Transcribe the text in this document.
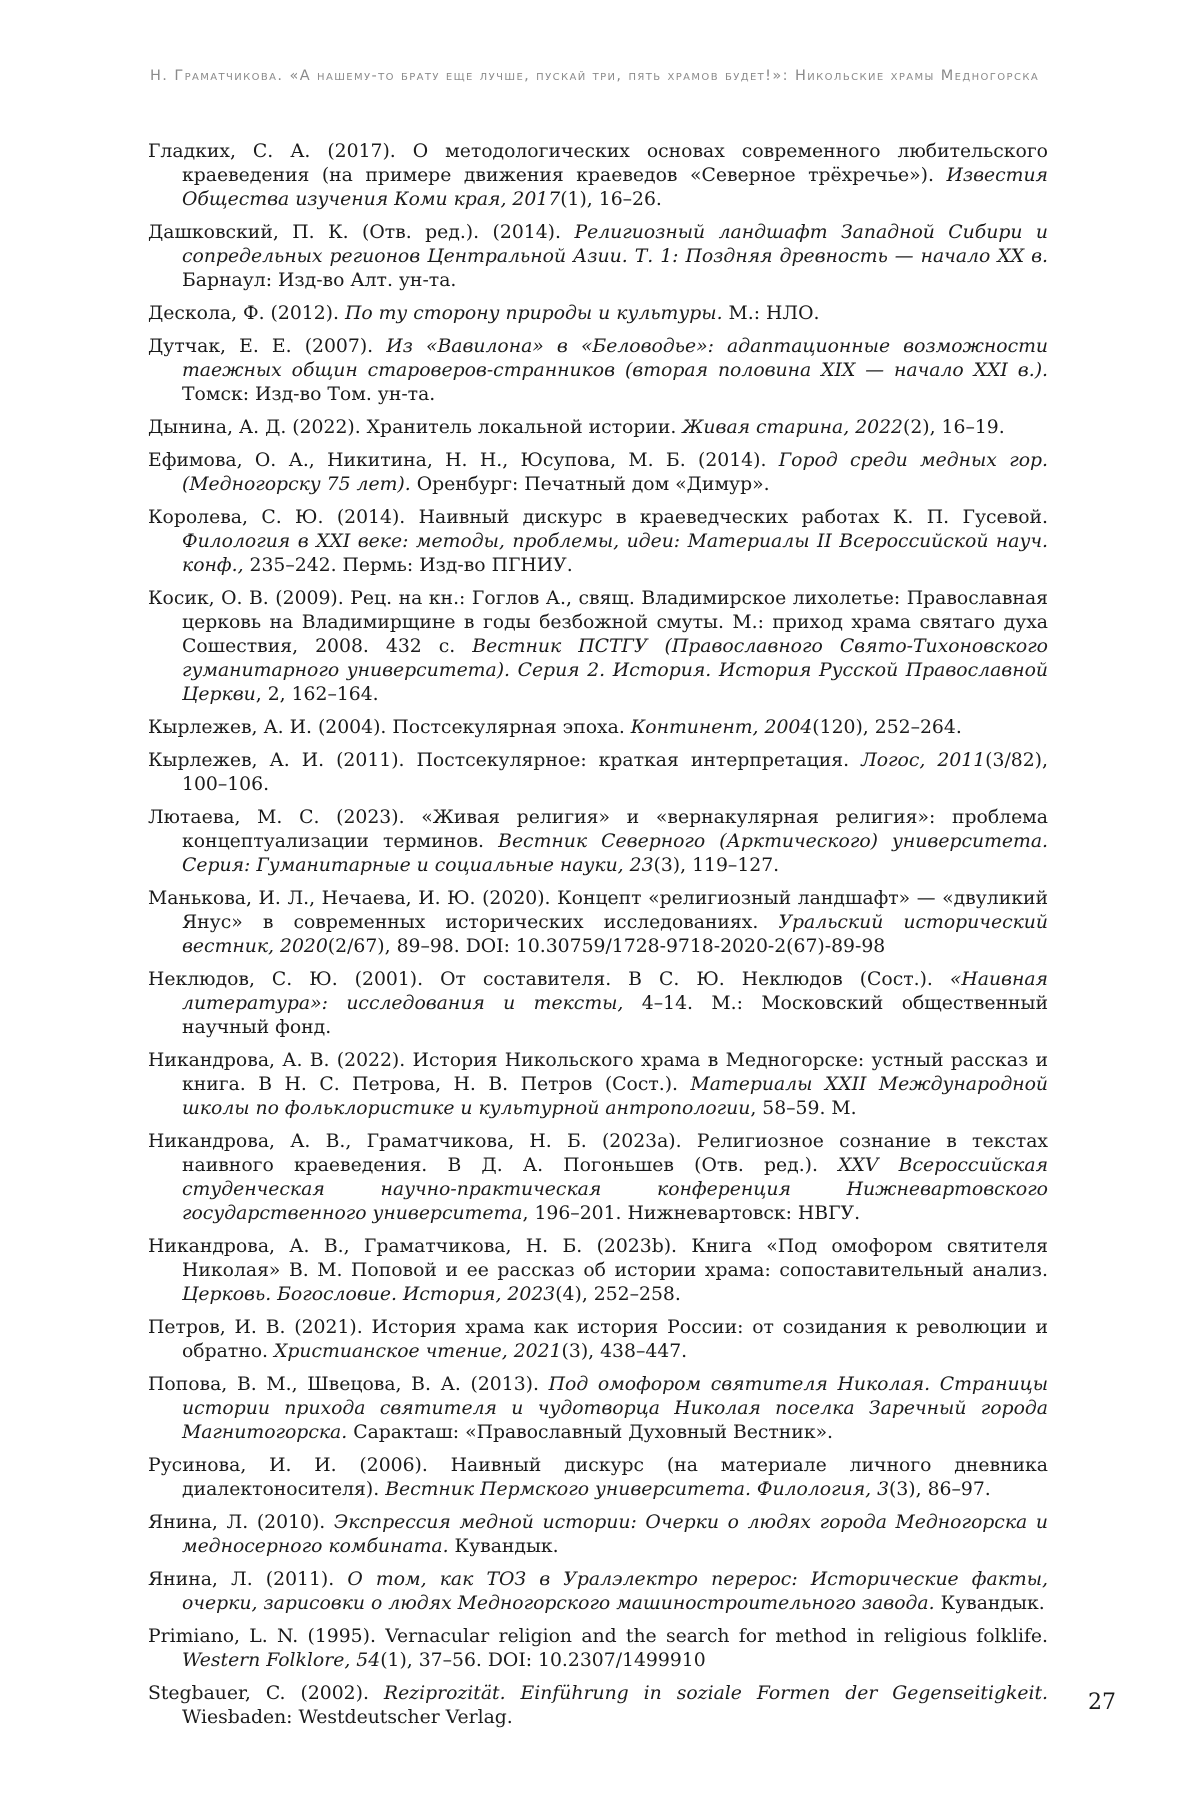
Н. Граматчикова. «А нашему-то брату еще лучше, пускай три, пять храмов будет!»: Никольские храмы Медногорска

Гладких, С. А. (2017). О методологических основах современного любительского краеведения (на примере движения краеведов «Северное трёхречье»). Известия Общества изучения Коми края, 2017(1), 16–26.

Дашковский, П. К. (Отв. ред.). (2014). Религиозный ландшафт Западной Сибири и сопредельных регионов Центральной Азии. Т. 1: Поздняя древность — начало XX в. Барнаул: Изд-во Алт. ун-та.

Дескола, Ф. (2012). По ту сторону природы и культуры. М.: НЛО.

Дутчак, Е. Е. (2007). Из «Вавилона» в «Беловодье»: адаптационные возможности таежных общин староверов-странников (вторая половина XIX — начало XXI в.). Томск: Изд-во Том. ун-та.

Дынина, А. Д. (2022). Хранитель локальной истории. Живая старина, 2022(2), 16–19.

Ефимова, О. А., Никитина, Н. Н., Юсупова, М. Б. (2014). Город среди медных гор. (Медногорску 75 лет). Оренбург: Печатный дом «Димур».

Королева, С. Ю. (2014). Наивный дискурс в краеведческих работах К. П. Гусевой. Филология в XXI веке: методы, проблемы, идеи: Материалы II Всероссийской науч. конф., 235–242. Пермь: Изд-во ПГНИУ.

Косик, О. В. (2009). Рец. на кн.: Гоглов А., свящ. Владимирское лихолетье: Православная церковь на Владимирщине в годы безбожной смуты. М.: приход храма святаго духа Сошествия, 2008. 432 с. Вестник ПСТГУ (Православного Свято-Тихоновского гуманитарного университета). Серия 2. История. История Русской Православной Церкви, 2, 162–164.

Кырлежев, А. И. (2004). Постсекулярная эпоха. Континент, 2004(120), 252–264.

Кырлежев, А. И. (2011). Постсекулярное: краткая интерпретация. Логос, 2011(3/82), 100–106.

Лютаева, М. С. (2023). «Живая религия» и «вернакулярная религия»: проблема концептуализации терминов. Вестник Северного (Арктического) университета. Серия: Гуманитарные и социальные науки, 23(3), 119–127.

Манькова, И. Л., Нечаева, И. Ю. (2020). Концепт «религиозный ландшафт» — «двуликий Янус» в современных исторических исследованиях. Уральский исторический вестник, 2020(2/67), 89–98. DOI: 10.30759/1728-9718-2020-2(67)-89-98

Неклюдов, С. Ю. (2001). От составителя. В С. Ю. Неклюдов (Сост.). «Наивная литература»: исследования и тексты, 4–14. М.: Московский общественный научный фонд.

Никандрова, А. В. (2022). История Никольского храма в Медногорске: устный рассказ и книга. В Н. С. Петрова, Н. В. Петров (Сост.). Материалы XXII Международной школы по фольклористике и культурной антропологии, 58–59. М.

Никандрова, А. В., Граматчикова, Н. Б. (2023a). Религиозное сознание в текстах наивного краеведения. В Д. А. Погоньшев (Отв. ред.). XXV Всероссийская студенческая научно-практическая конференция Нижневартовского государственного университета, 196–201. Нижневартовск: НВГУ.

Никандрова, А. В., Граматчикова, Н. Б. (2023b). Книга «Под омофором святителя Николая» В. М. Поповой и ее рассказ об истории храма: сопоставительный анализ. Церковь. Богословие. История, 2023(4), 252–258.

Петров, И. В. (2021). История храма как история России: от созидания к революции и обратно. Христианское чтение, 2021(3), 438–447.

Попова, В. М., Швецова, В. А. (2013). Под омофором святителя Николая. Страницы истории прихода святителя и чудотворца Николая поселка Заречный города Магнитогорска. Саракташ: «Православный Духовный Вестник».

Русинова, И. И. (2006). Наивный дискурс (на материале личного дневника диалектоносителя). Вестник Пермского университета. Филология, 3(3), 86–97.

Янина, Л. (2010). Экспрессия медной истории: Очерки о людях города Медногорска и медносерного комбината. Кувандык.

Янина, Л. (2011). О том, как ТОЗ в Уралэлектро перерос: Исторические факты, очерки, зарисовки о людях Медногорского машиностроительного завода. Кувандык.

Primiano, L. N. (1995). Vernacular religion and the search for method in religious folklife. Western Folklore, 54(1), 37–56. DOI: 10.2307/1499910

Stegbauer, C. (2002). Reziprozität. Einführung in soziale Formen der Gegenseitigkeit. Wiesbaden: Westdeutscher Verlag.

27
